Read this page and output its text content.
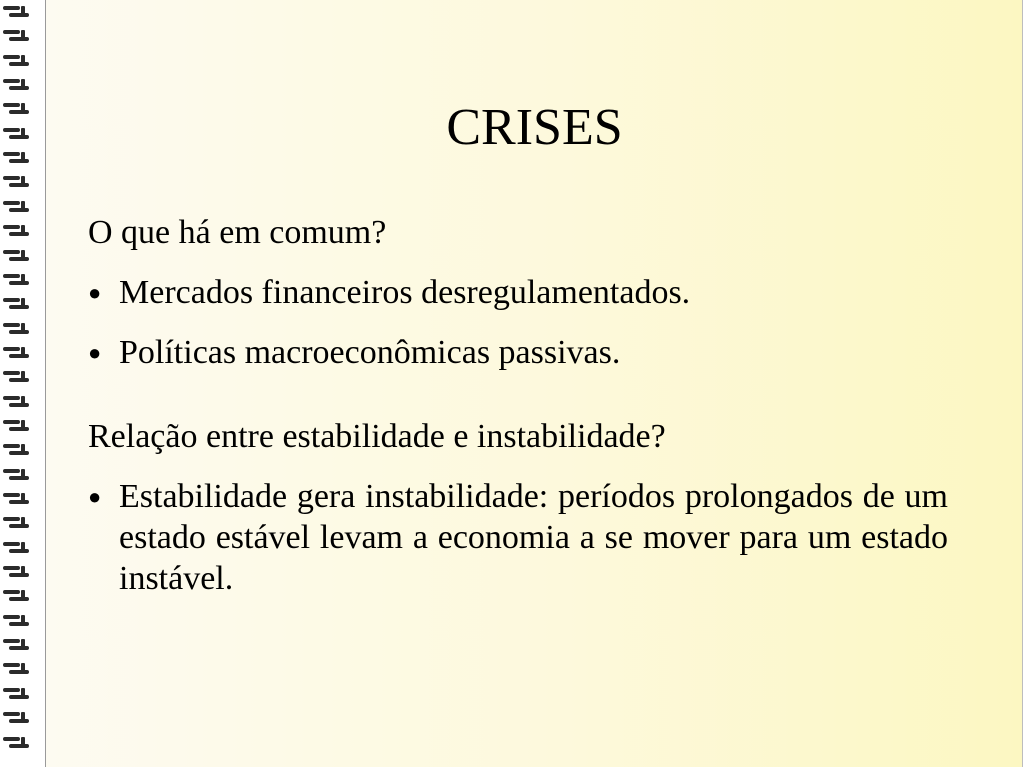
CRISES

O que há em comum?

● Mercados financeiros desregulamentados.
● Políticas macroeconômicas passivas.

Relação entre estabilidade e instabilidade?

● Estabilidade gera instabilidade: períodos prolongados de um estado estável levam a economia a se mover para um estado instável.
